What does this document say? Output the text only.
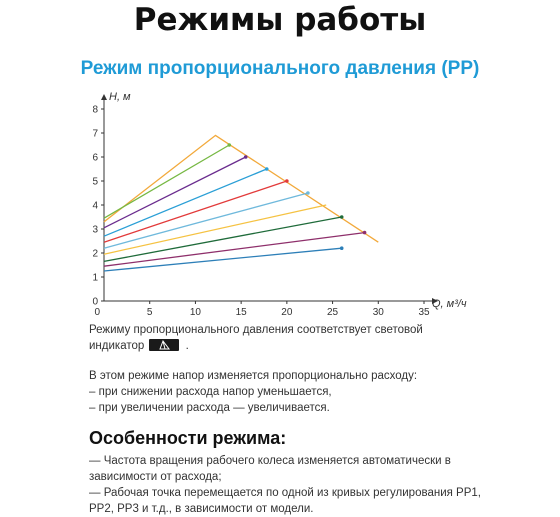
Режимы работы
Режим пропорционального давления (PP)
0
1
2
3
4
5
6
7
8
0	5	10	15	20	25	30	35
H, м
Q, м³/ч
Режиму пропорционального давления соответствует световой
индикатор	.
В этом режиме напор изменяется пропорционально расходу:
– при снижении расхода напор уменьшается,
– при увеличении расхода — увеличивается.
Особенности режима:
— Частота вращения рабочего колеса изменяется автоматически в
зависимости от расхода;
— Рабочая точка перемещается по одной из кривых регулирования PP1,
PP2, PP3 и т.д., в зависимости от модели.
